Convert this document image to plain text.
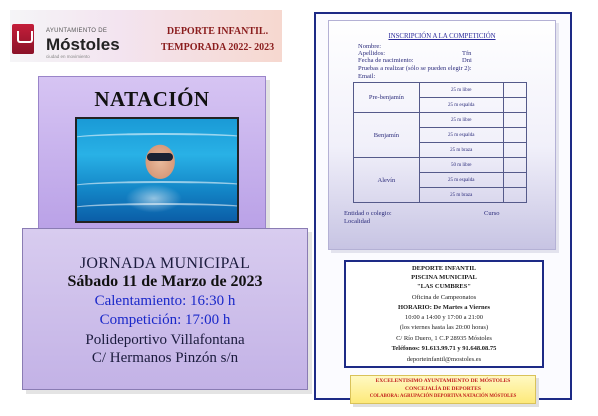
AYUNTAMIENTO DE
Móstoles
ciudad en movimiento
DEPORTE INFANTIL.
TEMPORADA 2022- 2023
NATACIÓN
JORNADA MUNICIPAL
Sábado 11 de Marzo de 2023
Calentamiento: 16:30 h
Competición: 17:00 h
Polideportivo Villafontana
C/ Hermanos Pinzón s/n
INSCRIPCIÓN A LA COMPETICIÓN
Nombre:
Apellidos:	Tfn
Fecha de nacimiento:	Dni
Pruebas a realizar (sólo se pueden elegir 2):
Email:
Pre-benjamín	25 m libre	
	25 m espalda	
Benjamín	25 m libre	
	25 m espalda	
	25 m braza	
Alevín	50 m libre	
	25 m espalda	
	25 m braza	
Entidad o colegio:	Curso
Localidad
DEPORTE INFANTIL
PISCINA MUNICIPAL
"LAS CUMBRES"
Oficina de Campeonatos
HORARIO: De Martes a Viernes
10:00 a 14:00 y 17:00 a 21:00
(los viernes hasta las 20:00 horas)
C/ Río Duero, 1 C.P 28935 Móstoles
Teléfonos: 91.613.99.71 y 91.648.08.75
deporteinfantil@mostoles.es
EXCELENTISIMO AYUNTAMIENTO DE MÓSTOLES
CONCEJALÍA DE DEPORTES
COLABORA: AGRUPACIÓN DEPORTIVA NATACIÓN MÓSTOLES
